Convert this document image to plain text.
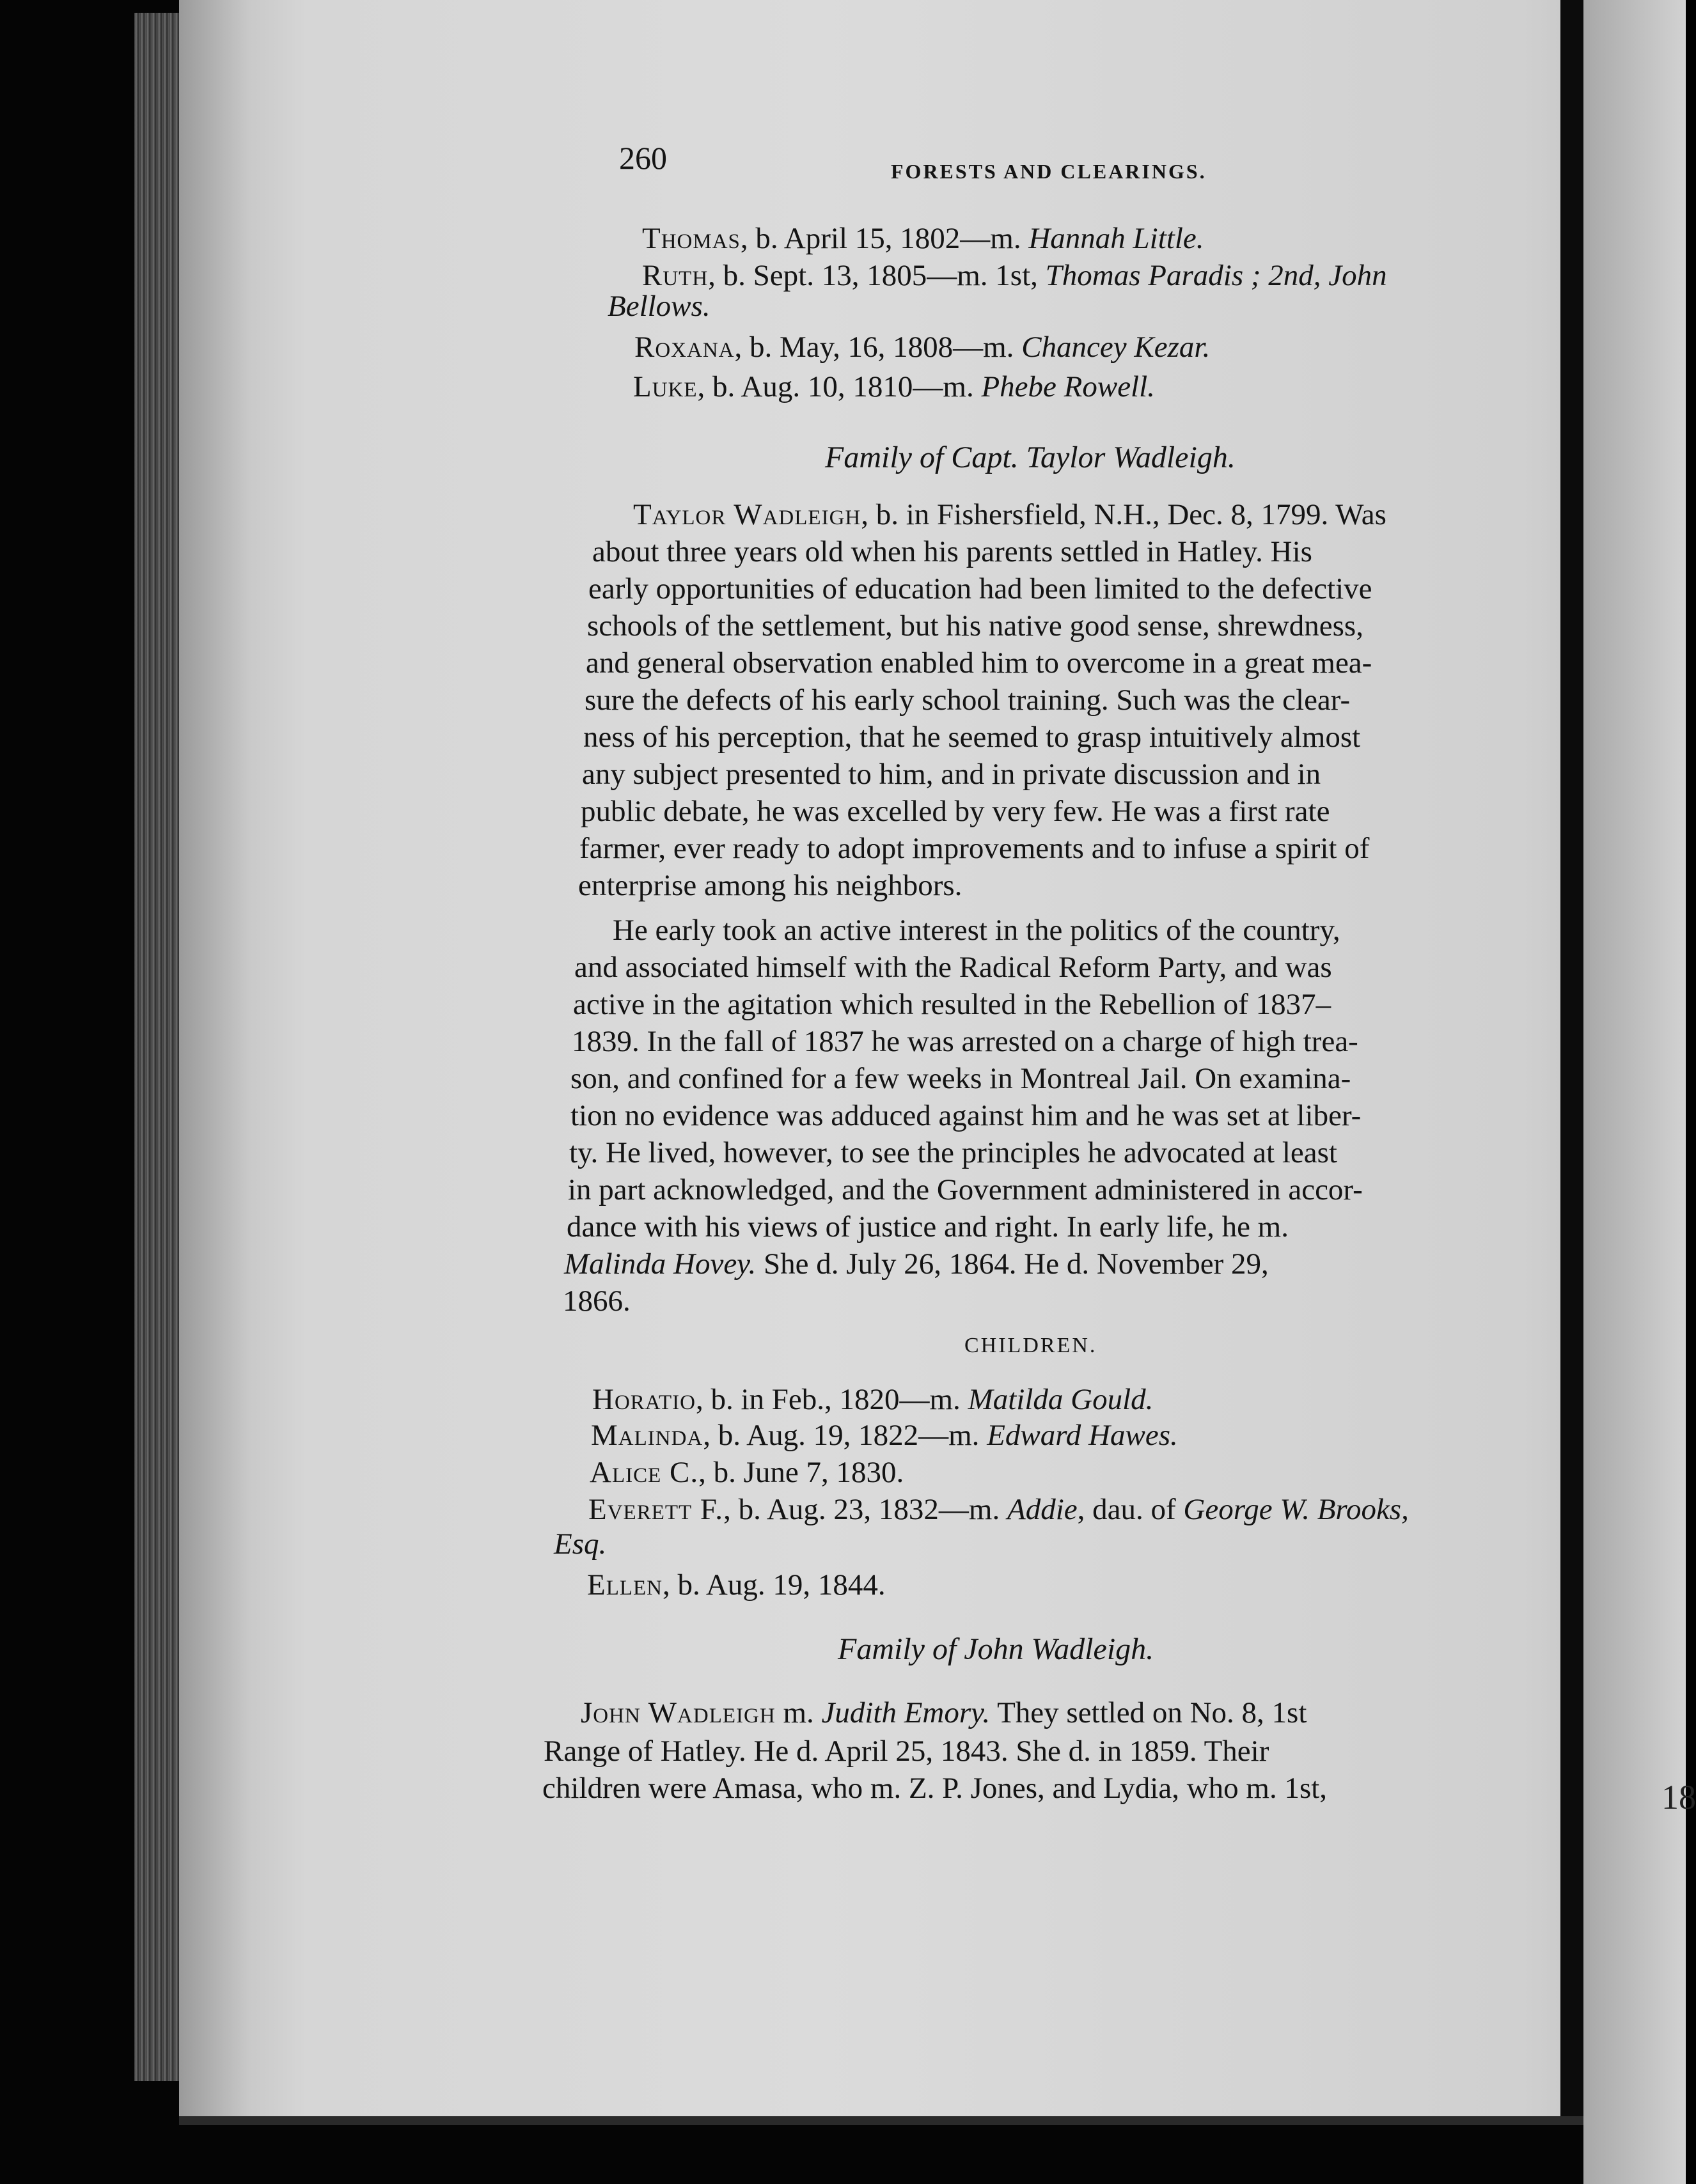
18
260	FORESTS AND CLEARINGS.
Thomas, b. April 15, 1802—m. Hannah Little.
Ruth, b. Sept. 13, 1805—m. 1st, Thomas Paradis ; 2nd, John
Bellows.
Roxana, b. May, 16, 1808—m. Chancey Kezar.
Luke, b. Aug. 10, 1810—m. Phebe Rowell.
Family of Capt. Taylor Wadleigh.
Taylor Wadleigh, b. in Fishersfield, N.H., Dec. 8, 1799. Was
about three years old when his parents settled in Hatley. His
early opportunities of education had been limited to the defective
schools of the settlement, but his native good sense, shrewdness,
and general observation enabled him to overcome in a great mea-
sure the defects of his early school training. Such was the clear-
ness of his perception, that he seemed to grasp intuitively almost
any subject presented to him, and in private discussion and in
public debate, he was excelled by very few. He was a first rate
farmer, ever ready to adopt improvements and to infuse a spirit of
enterprise among his neighbors.
He early took an active interest in the politics of the country,
and associated himself with the Radical Reform Party, and was
active in the agitation which resulted in the Rebellion of 1837–
1839. In the fall of 1837 he was arrested on a charge of high trea-
son, and confined for a few weeks in Montreal Jail. On examina-
tion no evidence was adduced against him and he was set at liber-
ty. He lived, however, to see the principles he advocated at least
in part acknowledged, and the Government administered in accor-
dance with his views of justice and right. In early life, he m.
Malinda Hovey. She d. July 26, 1864. He d. November 29,
1866.
CHILDREN.
Horatio, b. in Feb., 1820—m. Matilda Gould.
Malinda, b. Aug. 19, 1822—m. Edward Hawes.
Alice C., b. June 7, 1830.
Everett F., b. Aug. 23, 1832—m. Addie, dau. of George W. Brooks,
Esq.
Ellen, b. Aug. 19, 1844.
Family of John Wadleigh.
John Wadleigh m. Judith Emory. They settled on No. 8, 1st
Range of Hatley. He d. April 25, 1843. She d. in 1859. Their
children were Amasa, who m. Z. P. Jones, and Lydia, who m. 1st,
